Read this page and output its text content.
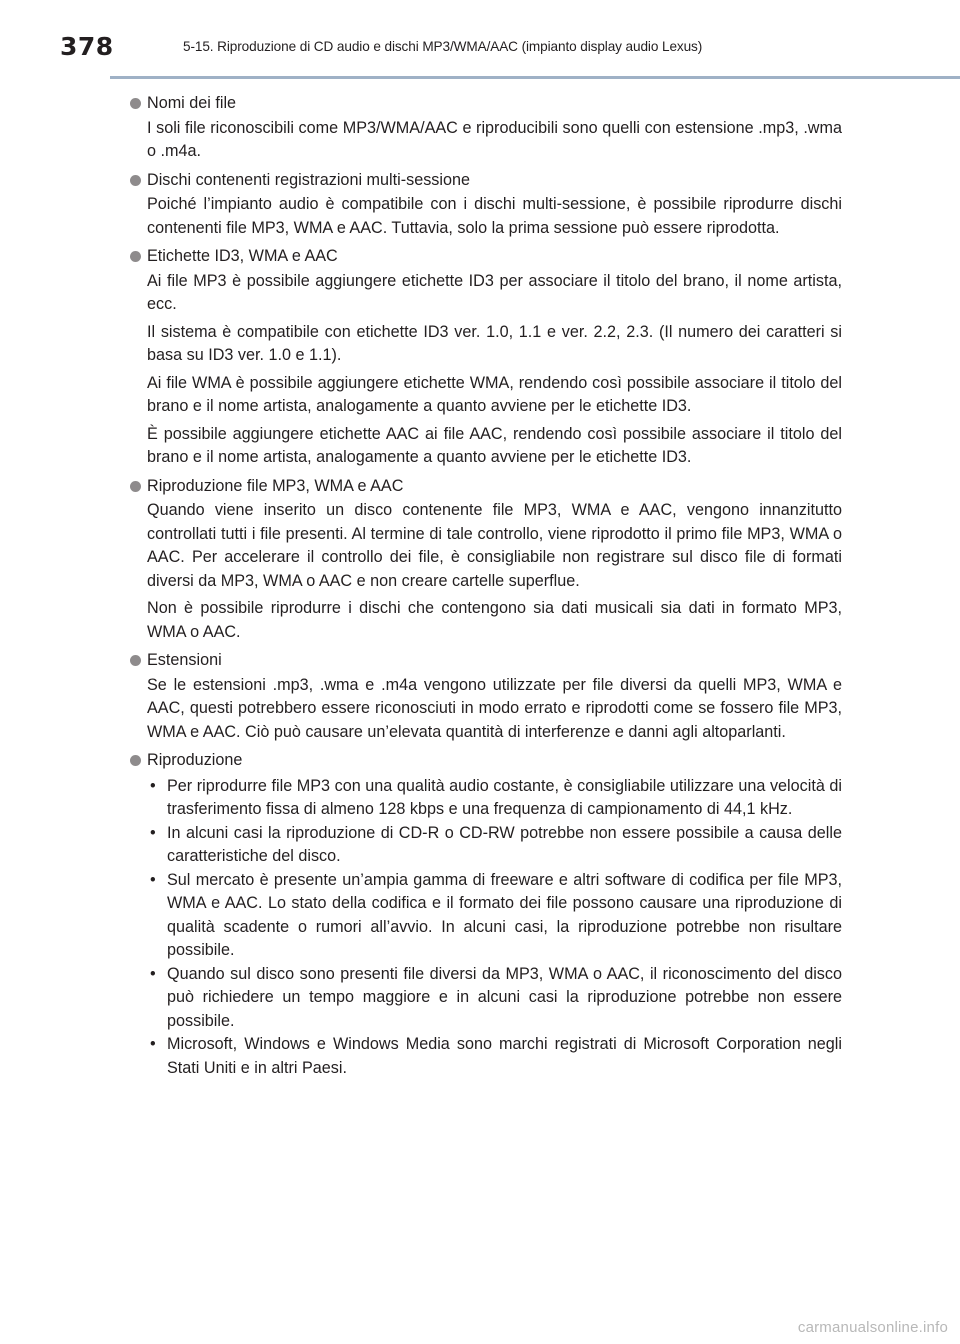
378	5-15. Riproduzione di CD audio e dischi MP3/WMA/AAC (impianto display audio Lexus)
Nomi dei file

I soli file riconoscibili come MP3/WMA/AAC e riproducibili sono quelli con estensione .mp3, .wma o .m4a.

Dischi contenenti registrazioni multi-sessione

Poiché l’impianto audio è compatibile con i dischi multi-sessione, è possibile riprodurre dischi contenenti file MP3, WMA e AAC. Tuttavia, solo la prima sessione può essere riprodotta.

Etichette ID3, WMA e AAC

Ai file MP3 è possibile aggiungere etichette ID3 per associare il titolo del brano, il nome artista, ecc.

Il sistema è compatibile con etichette ID3 ver. 1.0, 1.1 e ver. 2.2, 2.3. (Il numero dei caratteri si basa su ID3 ver. 1.0 e 1.1).

Ai file WMA è possibile aggiungere etichette WMA, rendendo così possibile associare il titolo del brano e il nome artista, analogamente a quanto avviene per le etichette ID3.

È possibile aggiungere etichette AAC ai file AAC, rendendo così possibile associare il titolo del brano e il nome artista, analogamente a quanto avviene per le etichette ID3.

Riproduzione file MP3, WMA e AAC

Quando viene inserito un disco contenente file MP3, WMA e AAC, vengono innanzitutto controllati tutti i file presenti. Al termine di tale controllo, viene riprodotto il primo file MP3, WMA o AAC. Per accelerare il controllo dei file, è consigliabile non registrare sul disco file di formati diversi da MP3, WMA o AAC e non creare cartelle superflue.

Non è possibile riprodurre i dischi che contengono sia dati musicali sia dati in formato MP3, WMA o AAC.

Estensioni

Se le estensioni .mp3, .wma e .m4a vengono utilizzate per file diversi da quelli MP3, WMA e AAC, questi potrebbero essere riconosciuti in modo errato e riprodotti come se fossero file MP3, WMA e AAC. Ciò può causare un’elevata quantità di interferenze e danni agli altoparlanti.

Riproduzione
• Per riprodurre file MP3 con una qualità audio costante, è consigliabile utilizzare una velocità di trasferimento fissa di almeno 128 kbps e una frequenza di campionamento di 44,1 kHz.
• In alcuni casi la riproduzione di CD-R o CD-RW potrebbe non essere possibile a causa delle caratteristiche del disco.
• Sul mercato è presente un’ampia gamma di freeware e altri software di codifica per file MP3, WMA e AAC. Lo stato della codifica e il formato dei file possono causare una riproduzione di qualità scadente o rumori all’avvio. In alcuni casi, la riproduzione potrebbe non risultare possibile.
• Quando sul disco sono presenti file diversi da MP3, WMA o AAC, il riconoscimento del disco può richiedere un tempo maggiore e in alcuni casi la riproduzione potrebbe non essere possibile.
• Microsoft, Windows e Windows Media sono marchi registrati di Microsoft Corporation negli Stati Uniti e in altri Paesi.
carmanualsonline.info
